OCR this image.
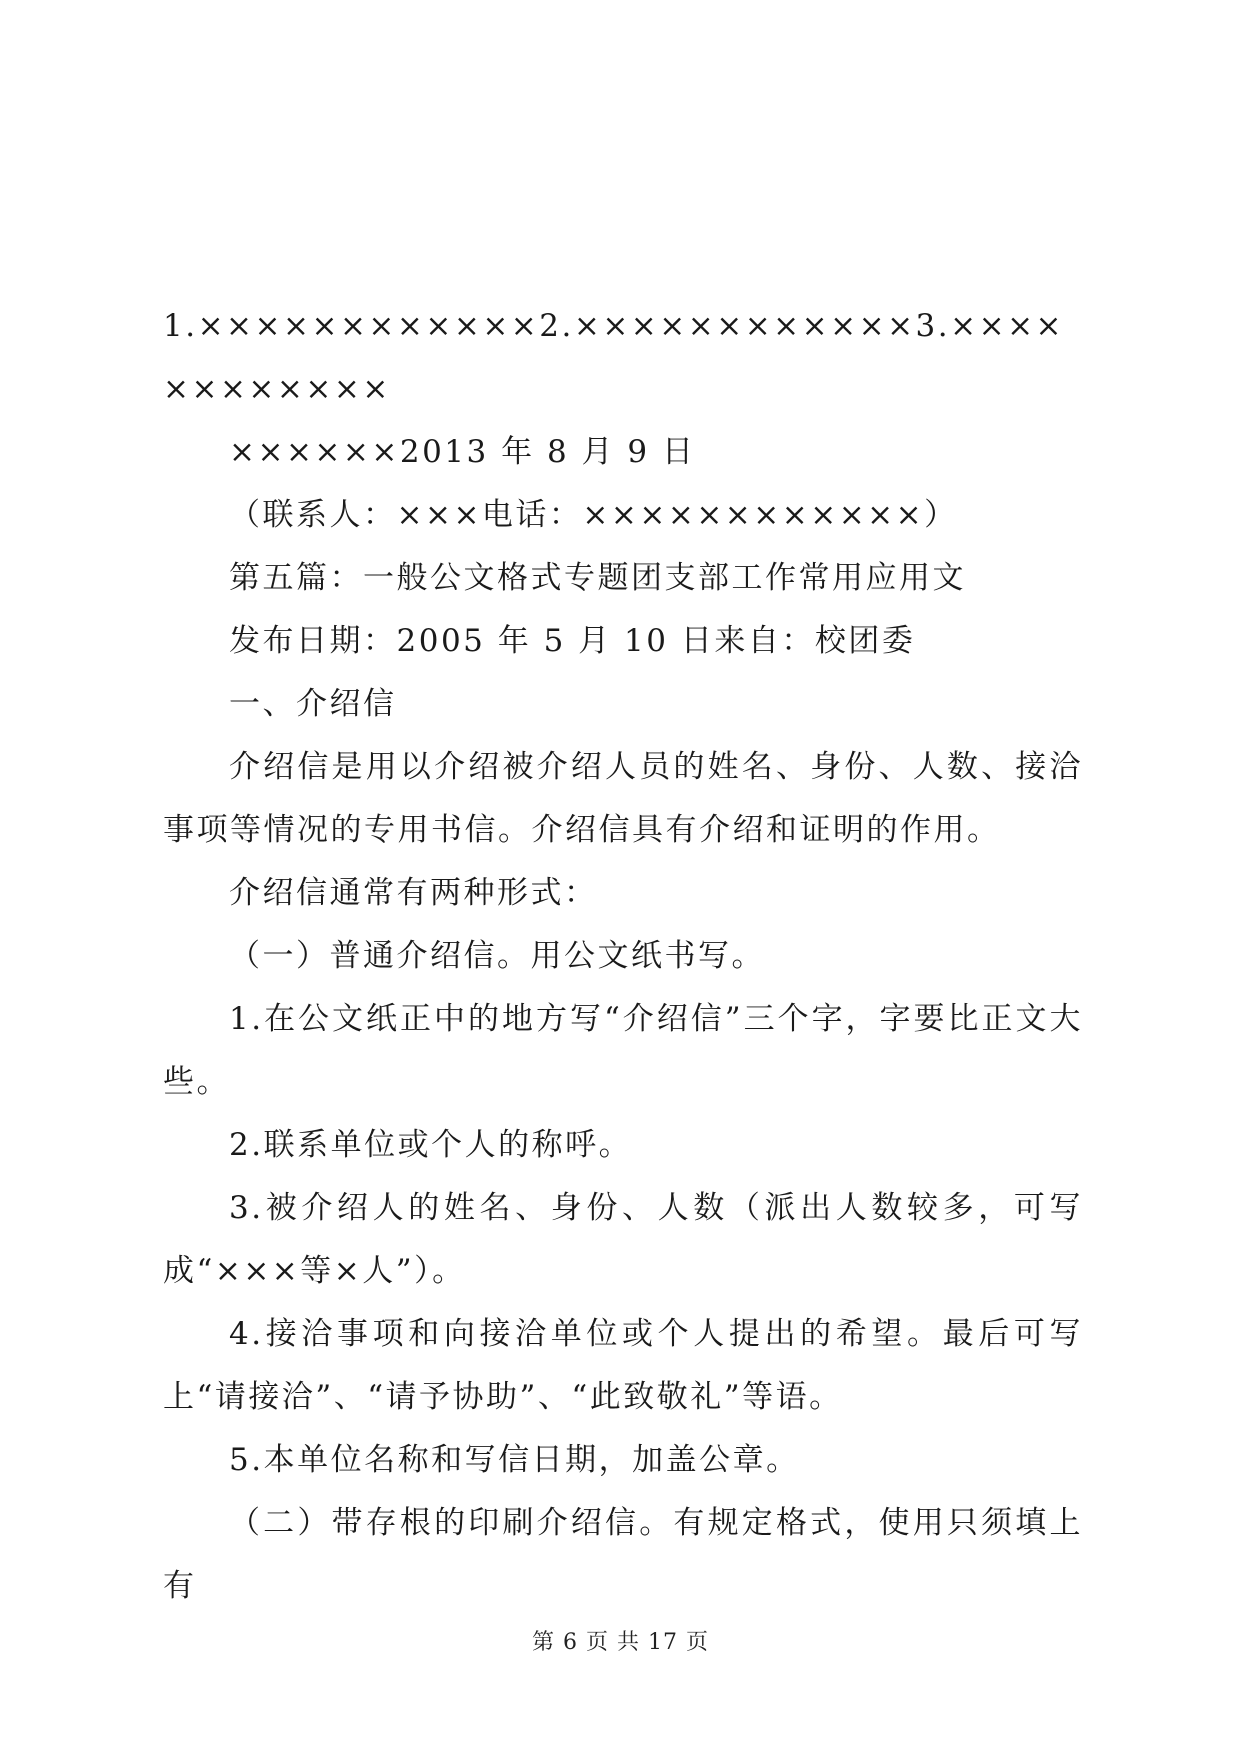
1.××××××××××××2.××××××××××××3.××××××××××××

××××××2013 年 8 月 9 日

（联系人：×××电话：××××××××××××）

第五篇：一般公文格式专题团支部工作常用应用文

发布日期：2005 年 5 月 10 日来自：校团委

一、介绍信

介绍信是用以介绍被介绍人员的姓名、身份、人数、接洽事项等情况的专用书信。介绍信具有介绍和证明的作用。

介绍信通常有两种形式：

（一）普通介绍信。用公文纸书写。

1.在公文纸正中的地方写“介绍信”三个字，字要比正文大些。

2.联系单位或个人的称呼。

3.被介绍人的姓名、身份、人数（派出人数较多，可写成“×××等×人”）。

4.接洽事项和向接洽单位或个人提出的希望。最后可写上“请接洽”、“请予协助”、“此致敬礼”等语。

5.本单位名称和写信日期，加盖公章。

（二）带存根的印刷介绍信。有规定格式，使用只须填上有

第 6 页 共 17 页
